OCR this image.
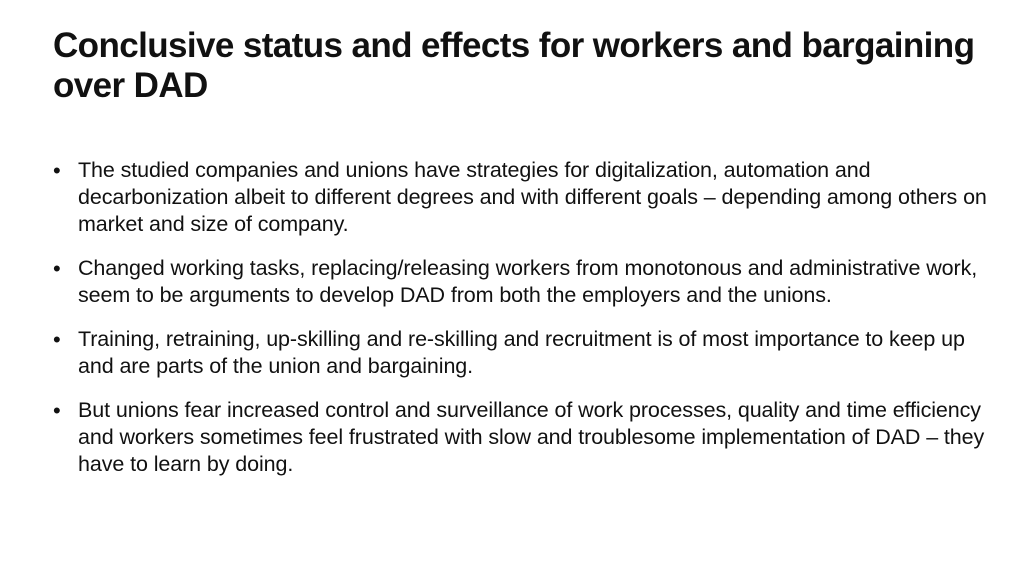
Conclusive status and effects for workers and bargaining over DAD
• The studied companies and unions have strategies for digitalization, automation and decarbonization albeit to different degrees and with different goals – depending among others on market and size of company.
• Changed working tasks, replacing/releasing workers from monotonous and administrative work, seem to be arguments to develop DAD from both the employers and the unions.
• Training, retraining, up-skilling and re-skilling and recruitment is of most importance to keep up and are parts of the union and bargaining.
• But unions fear increased control and surveillance of work processes, quality and time efficiency and workers sometimes feel frustrated with slow and troublesome implementation of DAD – they have to learn by doing.
